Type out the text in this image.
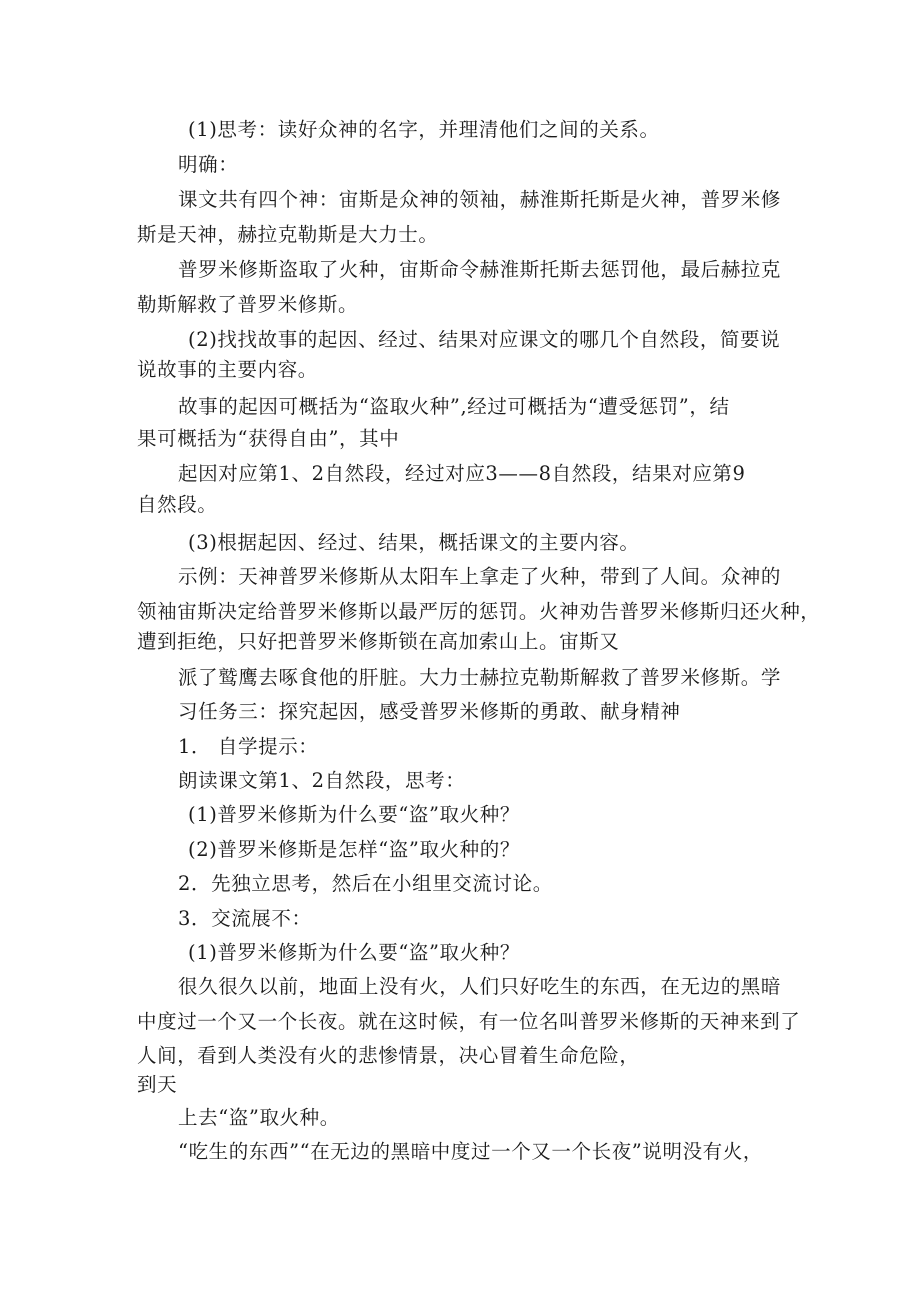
(1)思考：读好众神的名字，并理清他们之间的关系。
明确：
课文共有四个神：宙斯是众神的领袖，赫淮斯托斯是火神，普罗米修
斯是天神，赫拉克勒斯是大力士。
普罗米修斯盗取了火种，宙斯命令赫淮斯托斯去惩罚他，最后赫拉克
勒斯解救了普罗米修斯。
(2)找找故事的起因、经过、结果对应课文的哪几个自然段，简要说
说故事的主要内容。
故事的起因可概括为“盗取火种”,经过可概括为“遭受惩罚”，结
果可概括为“获得自由”，其中
起因对应第1、2自然段，经过对应3——8自然段，结果对应第9
自然段。
(3)根据起因、经过、结果，概括课文的主要内容。
示例：天神普罗米修斯从太阳车上拿走了火种，带到了人间。众神的
领袖宙斯决定给普罗米修斯以最严厉的惩罚。火神劝告普罗米修斯归还火种，
遭到拒绝，只好把普罗米修斯锁在高加索山上。宙斯又
派了鹫鹰去啄食他的肝脏。大力士赫拉克勒斯解救了普罗米修斯。学
习任务三：探究起因，感受普罗米修斯的勇敢、献身精神
1． 自学提示：
朗读课文第1、2自然段，思考：
(1)普罗米修斯为什么要“盗”取火种？
(2)普罗米修斯是怎样“盗”取火种的？
2．先独立思考，然后在小组里交流讨论。
3．交流展不：
(1)普罗米修斯为什么要“盗”取火种？
很久很久以前，地面上没有火，人们只好吃生的东西，在无边的黑暗
中度过一个又一个长夜。就在这时候，有一位名叫普罗米修斯的天神来到了
人间，看到人类没有火的悲惨情景，决心冒着生命危险，
到天
上去“盗”取火种。
“吃生的东西”“在无边的黑暗中度过一个又一个长夜”说明没有火，
